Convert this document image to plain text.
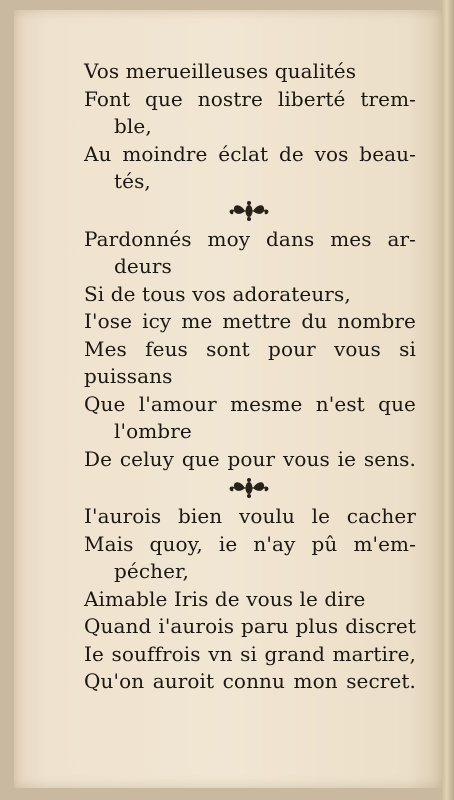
Vos merueilleuses qualités
Font que nostre liberté trem-
ble,
Au moindre éclat de vos beau-
tés,
Pardonnés moy dans mes ar-
deurs
Si de tous vos adorateurs,
I'ose icy me mettre du nombre
Mes feus sont pour vous si
puissans
Que l'amour mesme n'est que
l'ombre
De celuy que pour vous ie sens.
I'aurois bien voulu le cacher
Mais quoy, ie n'ay pû m'em-
pécher,
Aimable Iris de vous le dire
Quand i'aurois paru plus discret
Ie souffrois vn si grand martire,
Qu'on auroit connu mon secret.
